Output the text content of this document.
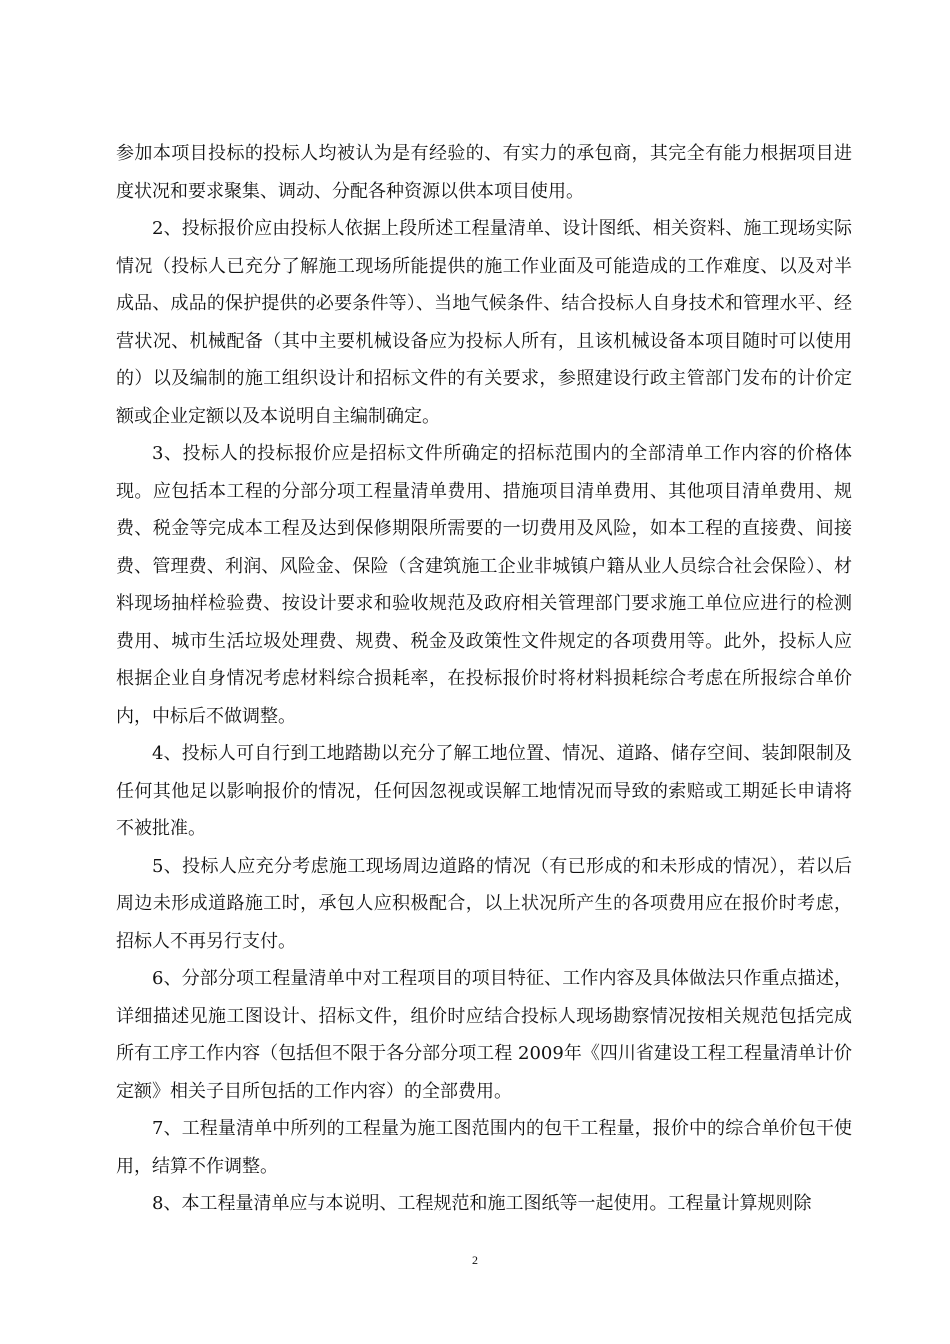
参加本项目投标的投标人均被认为是有经验的、有实力的承包商，其完全有能力根据项目进度状况和要求聚集、调动、分配各种资源以供本项目使用。

2、投标报价应由投标人依据上段所述工程量清单、设计图纸、相关资料、施工现场实际情况（投标人已充分了解施工现场所能提供的施工作业面及可能造成的工作难度、以及对半成品、成品的保护提供的必要条件等）、当地气候条件、结合投标人自身技术和管理水平、经营状况、机械配备（其中主要机械设备应为投标人所有，且该机械设备本项目随时可以使用的）以及编制的施工组织设计和招标文件的有关要求，参照建设行政主管部门发布的计价定额或企业定额以及本说明自主编制确定。

3、投标人的投标报价应是招标文件所确定的招标范围内的全部清单工作内容的价格体现。应包括本工程的分部分项工程量清单费用、措施项目清单费用、其他项目清单费用、规费、税金等完成本工程及达到保修期限所需要的一切费用及风险，如本工程的直接费、间接费、管理费、利润、风险金、保险（含建筑施工企业非城镇户籍从业人员综合社会保险）、材料现场抽样检验费、按设计要求和验收规范及政府相关管理部门要求施工单位应进行的检测费用、城市生活垃圾处理费、规费、税金及政策性文件规定的各项费用等。此外，投标人应根据企业自身情况考虑材料综合损耗率，在投标报价时将材料损耗综合考虑在所报综合单价内，中标后不做调整。

4、投标人可自行到工地踏勘以充分了解工地位置、情况、道路、储存空间、装卸限制及任何其他足以影响报价的情况，任何因忽视或误解工地情况而导致的索赔或工期延长申请将不被批准。

5、投标人应充分考虑施工现场周边道路的情况（有已形成的和未形成的情况），若以后周边未形成道路施工时，承包人应积极配合，以上状况所产生的各项费用应在报价时考虑，招标人不再另行支付。

6、分部分项工程量清单中对工程项目的项目特征、工作内容及具体做法只作重点描述，详细描述见施工图设计、招标文件，组价时应结合投标人现场勘察情况按相关规范包括完成所有工序工作内容（包括但不限于各分部分项工程 2009年《四川省建设工程工程量清单计价定额》相关子目所包括的工作内容）的全部费用。

7、工程量清单中所列的工程量为施工图范围内的包干工程量，报价中的综合单价包干使用，结算不作调整。

8、本工程量清单应与本说明、工程规范和施工图纸等一起使用。工程量计算规则除

2
